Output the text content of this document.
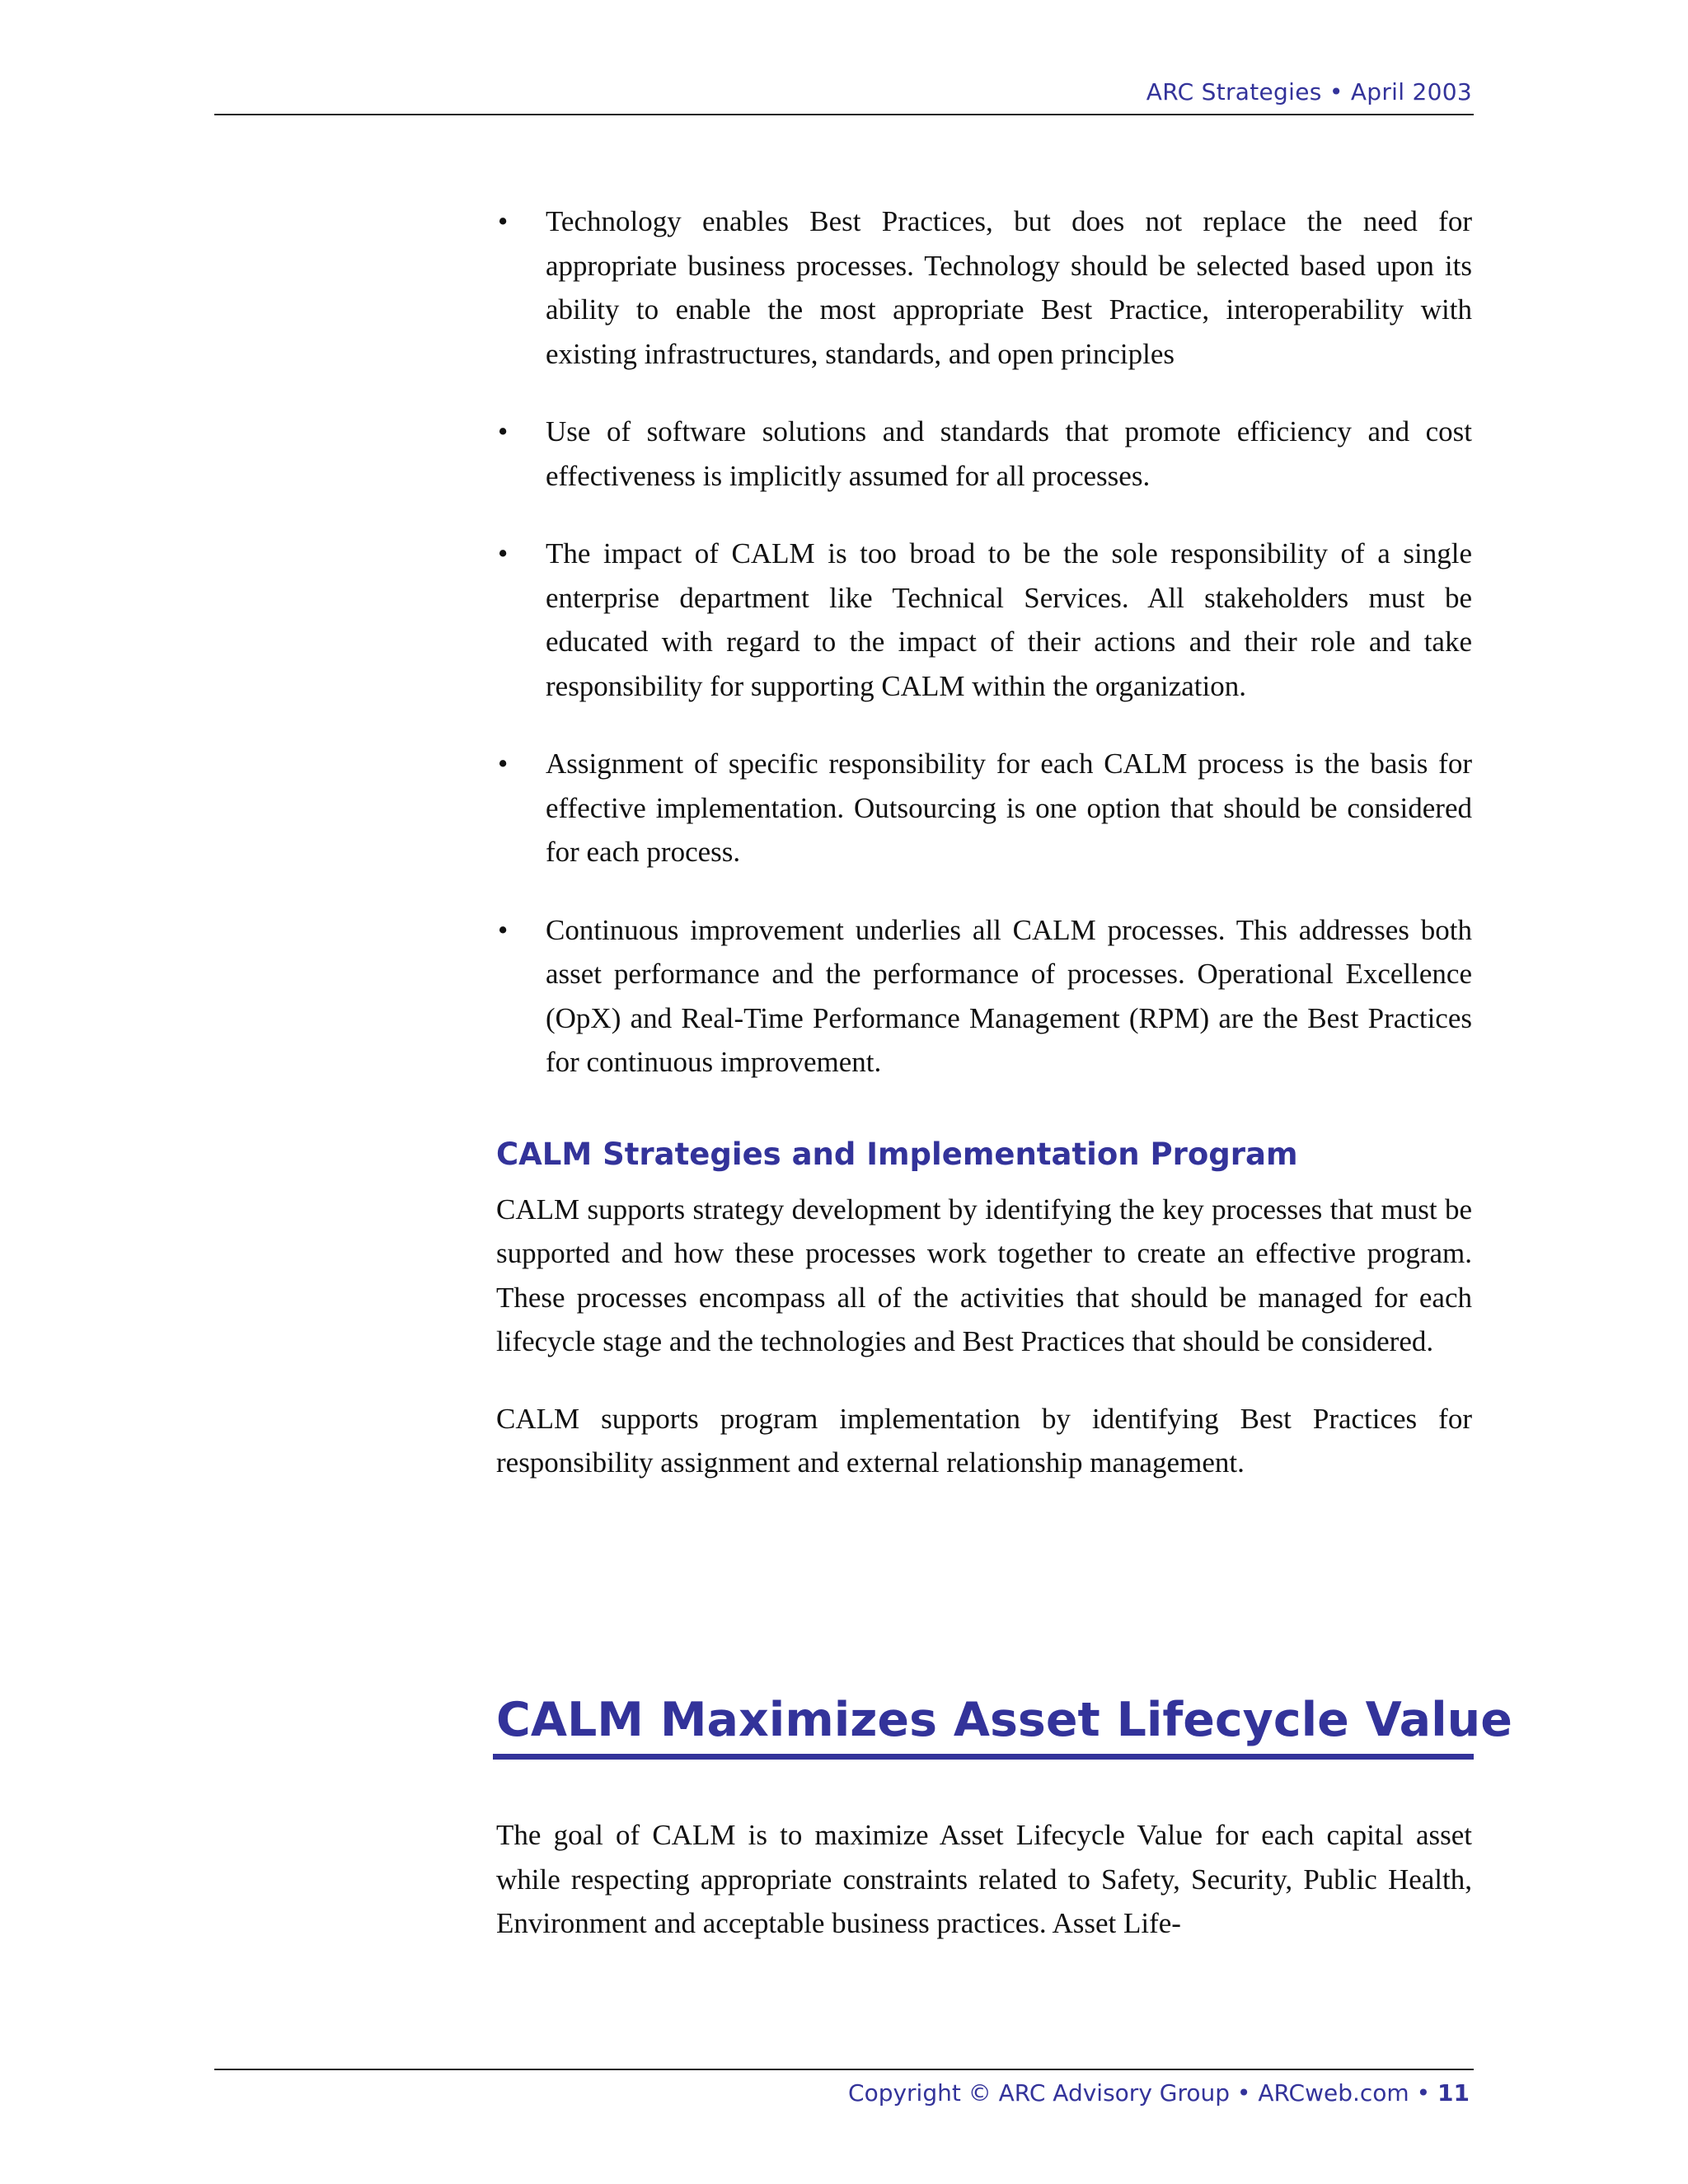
ARC Strategies • April 2003
• Technology enables Best Practices, but does not replace the need for appropriate business processes. Technology should be selected based upon its ability to enable the most appropriate Best Practice, interoperability with existing infrastructures, standards, and open principles
• Use of software solutions and standards that promote efficiency and cost effectiveness is implicitly assumed for all processes.
• The impact of CALM is too broad to be the sole responsibility of a single enterprise department like Technical Services. All stakeholders must be educated with regard to the impact of their actions and their role and take responsibility for supporting CALM within the organization.
• Assignment of specific responsibility for each CALM process is the basis for effective implementation. Outsourcing is one option that should be considered for each process.
• Continuous improvement underlies all CALM processes. This addresses both asset performance and the performance of processes. Operational Excellence (OpX) and Real-Time Performance Management (RPM) are the Best Practices for continuous improvement.
CALM Strategies and Implementation Program

CALM supports strategy development by identifying the key processes that must be supported and how these processes work together to create an effective program. These processes encompass all of the activities that should be managed for each lifecycle stage and the technologies and Best Practices that should be considered.

CALM supports program implementation by identifying Best Practices for responsibility assignment and external relationship management.

CALM Maximizes Asset Lifecycle Value

The goal of CALM is to maximize Asset Lifecycle Value for each capital asset while respecting appropriate constraints related to Safety, Security, Public Health, Environment and acceptable business practices. Asset Life-

Copyright © ARC Advisory Group • ARCweb.com • 11
